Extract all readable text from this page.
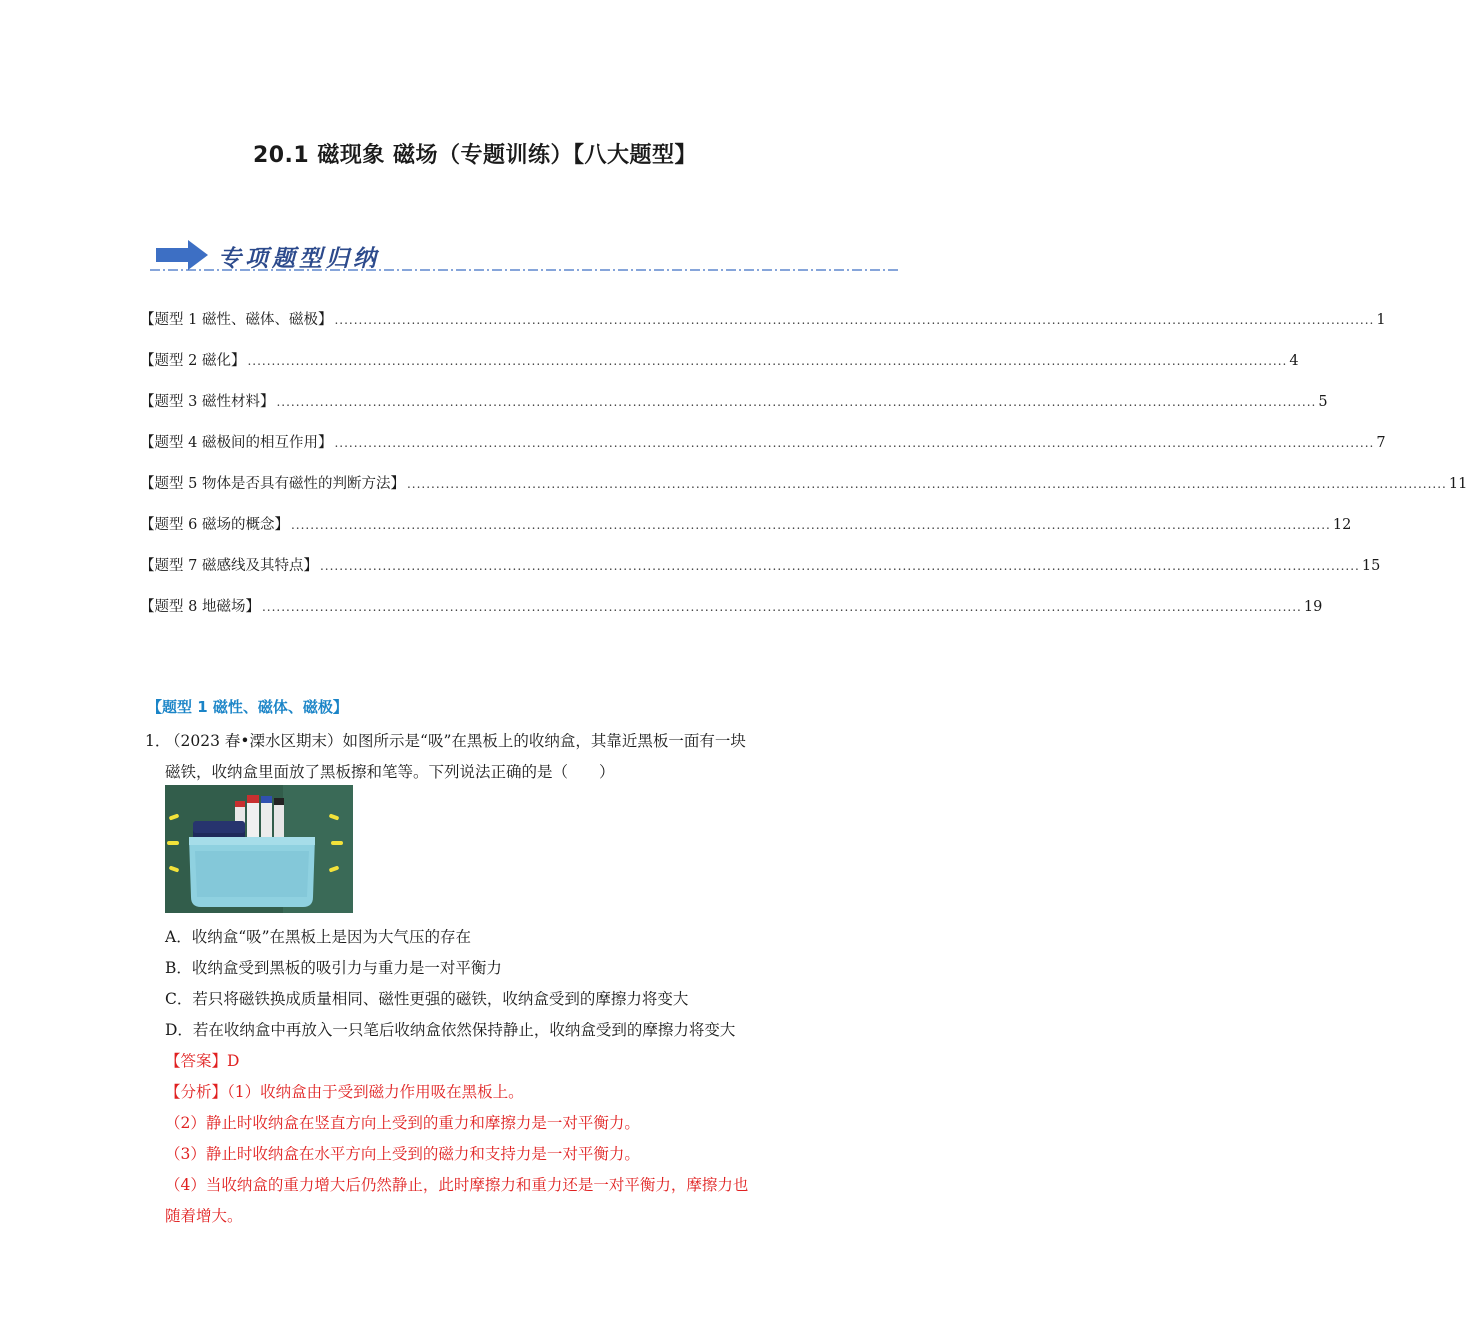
20.1 磁现象 磁场（专题训练）【八大题型】
专项题型归纳
【题型 1 磁性、磁体、磁极】 ........................................................................................................................................................................................................................ 1
【题型 2 磁化】 ........................................................................................................................................................................................................................ 4
【题型 3 磁性材料】 ........................................................................................................................................................................................................................ 5
【题型 4 磁极间的相互作用】 ........................................................................................................................................................................................................................ 7
【题型 5 物体是否具有磁性的判断方法】 ........................................................................................................................................................................................................................ 11
【题型 6 磁场的概念】 ........................................................................................................................................................................................................................ 12
【题型 7 磁感线及其特点】 ........................................................................................................................................................................................................................ 15
【题型 8 地磁场】 ........................................................................................................................................................................................................................ 19
【题型 1 磁性、磁体、磁极】
1．
（2023 春•溧水区期末）如图所示是“吸”在黑板上的收纳盒，其靠近黑板一面有一块
磁铁，收纳盒里面放了黑板擦和笔等。下列说法正确的是（　　）
A．收纳盒“吸”在黑板上是因为大气压的存在
B．收纳盒受到黑板的吸引力与重力是一对平衡力
C．若只将磁铁换成质量相同、磁性更强的磁铁，收纳盒受到的摩擦力将变大
D．若在收纳盒中再放入一只笔后收纳盒依然保持静止，收纳盒受到的摩擦力将变大
【答案】D
【分析】（1）收纳盒由于受到磁力作用吸在黑板上。
（2）静止时收纳盒在竖直方向上受到的重力和摩擦力是一对平衡力。
（3）静止时收纳盒在水平方向上受到的磁力和支持力是一对平衡力。
（4）当收纳盒的重力增大后仍然静止，此时摩擦力和重力还是一对平衡力，摩擦力也
随着增大。
